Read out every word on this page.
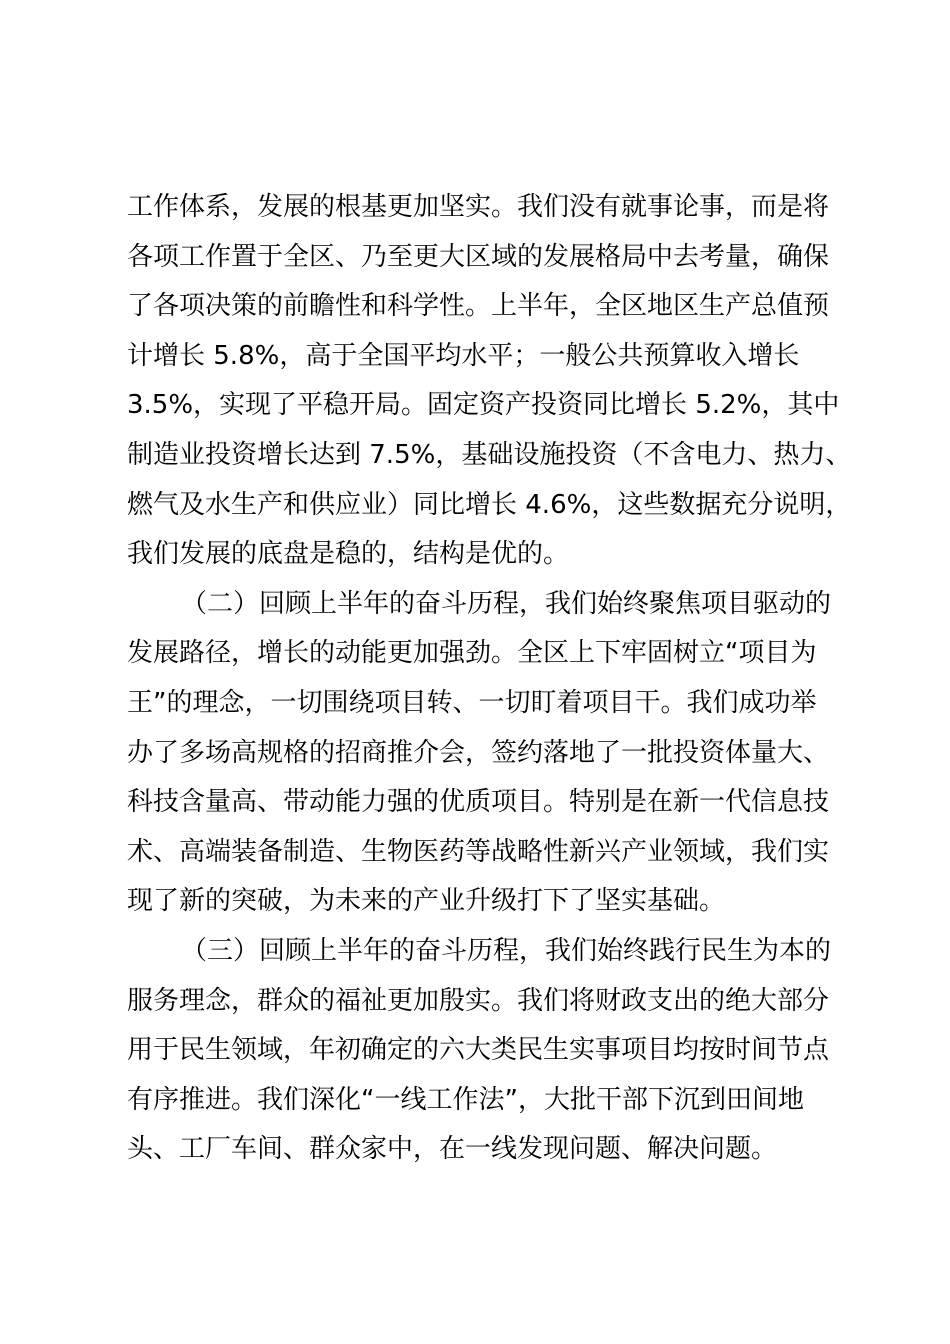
工作体系，发展的根基更加坚实。我们没有就事论事，而是将
各项工作置于全区、乃至更大区域的发展格局中去考量，确保
了各项决策的前瞻性和科学性。上半年，全区地区生产总值预
计增长 5.8%，高于全国平均水平；一般公共预算收入增长
3.5%，实现了平稳开局。固定资产投资同比增长 5.2%，其中
制造业投资增长达到 7.5%，基础设施投资（不含电力、热力、
燃气及水生产和供应业）同比增长 4.6%，这些数据充分说明，
我们发展的底盘是稳的，结构是优的。
（二）回顾上半年的奋斗历程，我们始终聚焦项目驱动的
发展路径，增长的动能更加强劲。全区上下牢固树立“项目为
王”的理念，一切围绕项目转、一切盯着项目干。我们成功举
办了多场高规格的招商推介会，签约落地了一批投资体量大、
科技含量高、带动能力强的优质项目。特别是在新一代信息技
术、高端装备制造、生物医药等战略性新兴产业领域，我们实
现了新的突破，为未来的产业升级打下了坚实基础。
（三）回顾上半年的奋斗历程，我们始终践行民生为本的
服务理念，群众的福祉更加殷实。我们将财政支出的绝大部分
用于民生领域，年初确定的六大类民生实事项目均按时间节点
有序推进。我们深化“一线工作法”，大批干部下沉到田间地
头、工厂车间、群众家中，在一线发现问题、解决问题。
